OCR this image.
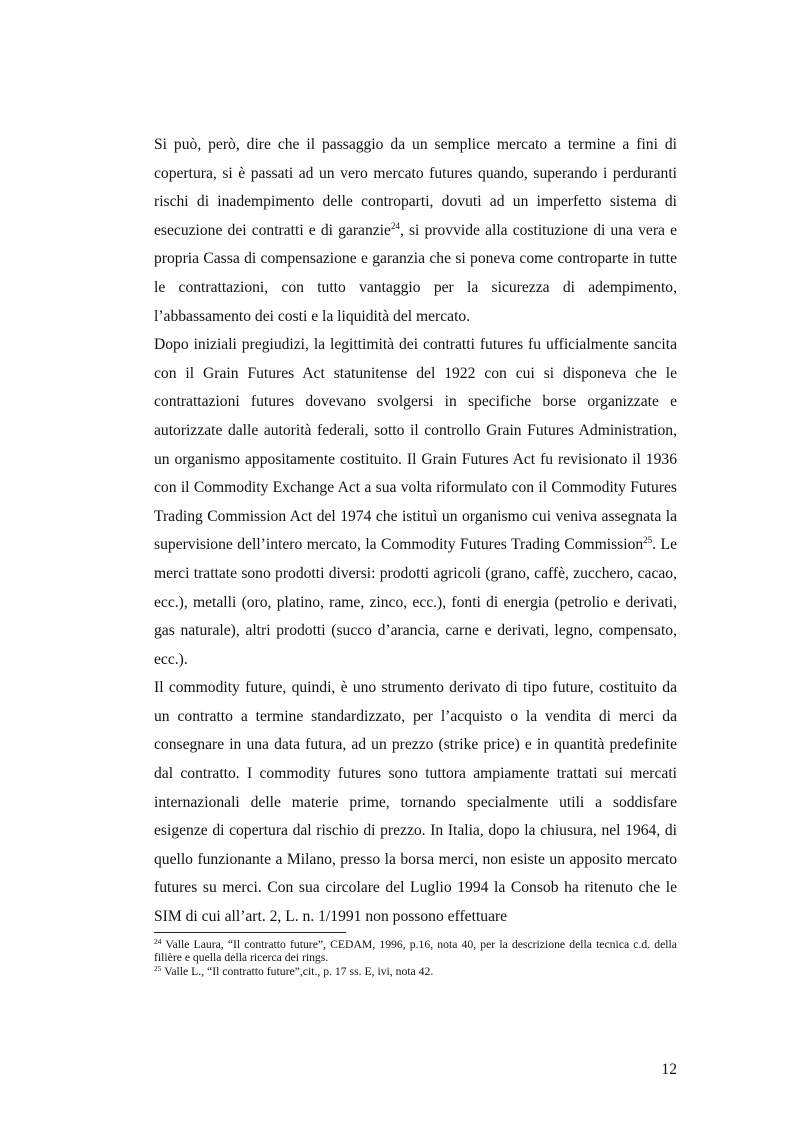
Si può, però, dire che il passaggio da un semplice mercato a termine a fini di copertura, si è passati ad un vero mercato futures quando, superando i perduranti rischi di inadempimento delle controparti, dovuti ad un imperfetto sistema di esecuzione dei contratti e di garanzie$^{24}$, si provvide alla costituzione di una vera e propria Cassa di compensazione e garanzia che si poneva come controparte in tutte le contrattazioni, con tutto vantaggio per la sicurezza di adempimento, l’abbassamento dei costi e la liquidità del mercato.

Dopo iniziali pregiudizi, la legittimità dei contratti futures fu ufficialmente sancita con il Grain Futures Act statunitense del 1922 con cui si disponeva che le contrattazioni futures dovevano svolgersi in specifiche borse organizzate e autorizzate dalle autorità federali, sotto il controllo Grain Futures Administration, un organismo appositamente costituito. Il Grain Futures Act fu revisionato il 1936 con il Commodity Exchange Act a sua volta riformulato con il Commodity Futures Trading Commission Act del 1974 che istituì un organismo cui veniva assegnata la supervisione dell’intero mercato, la Commodity Futures Trading Commission$^{25}$. Le merci trattate sono prodotti diversi: prodotti agricoli (grano, caffè, zucchero, cacao, ecc.), metalli (oro, platino, rame, zinco, ecc.), fonti di energia (petrolio e derivati, gas naturale), altri prodotti (succo d’arancia, carne e derivati, legno, compensato, ecc.).

Il commodity future, quindi, è uno strumento derivato di tipo future, costituito da un contratto a termine standardizzato, per l’acquisto o la vendita di merci da consegnare in una data futura, ad un prezzo (strike price) e in quantità predefinite dal contratto. I commodity futures sono tuttora ampiamente trattati sui mercati internazionali delle materie prime, tornando specialmente utili a soddisfare esigenze di copertura dal rischio di prezzo. In Italia, dopo la chiusura, nel 1964, di quello funzionante a Milano, presso la borsa merci, non esiste un apposito mercato futures su merci. Con sua circolare del Luglio 1994 la Consob ha ritenuto che le SIM di cui all’art. 2, L. n. 1/1991 non possono effettuare

$^{24}$ Valle Laura, “Il contratto future”, CEDAM, 1996, p.16, nota 40, per la descrizione della tecnica c.d. della filière e quella della ricerca dei rings.

$^{25}$ Valle L., “Il contratto future”,cit., p. 17 ss. E, ivi, nota 42.

12
